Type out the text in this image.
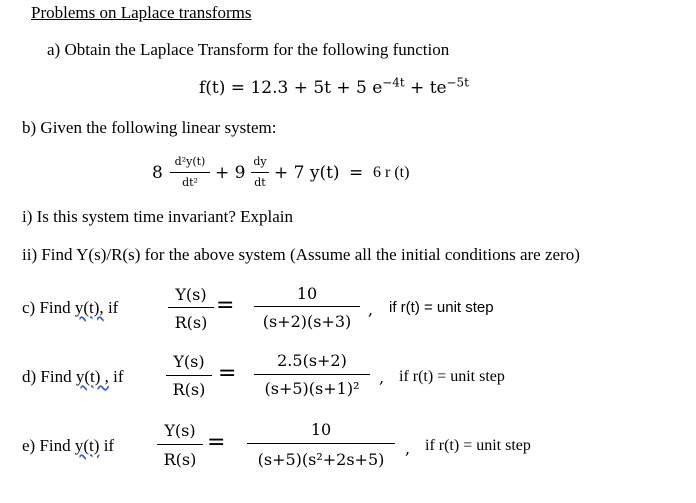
Problems on Laplace transforms
a) Obtain the Laplace Transform for the following function
f(t) = 12.3 + 5t + 5 $e^{-4t} + te^{-5t}$
b) Given the following linear system:
8
d²y(t)
dt²	+ 9
dy
dt + 7 y(t) = 6 r (t)
i) Is this system time invariant? Explain
ii) Find Y(s)/R(s) for the above system (Assume all the initial conditions are zero)
c) Find y(t), if
Y(s)
R(s)
=	10
(s+2)(s+3)
, if r(t) = unit step
d) Find y(t) , if
Y(s)
R(s)
=
2.5(s+2)
(s+5)(s+1)²
, if r(t) = unit step
e) Find y(t) if
Y(s)
R(s)
=
10
(s+5)(s²+2s+5)
, if r(t) = unit step
